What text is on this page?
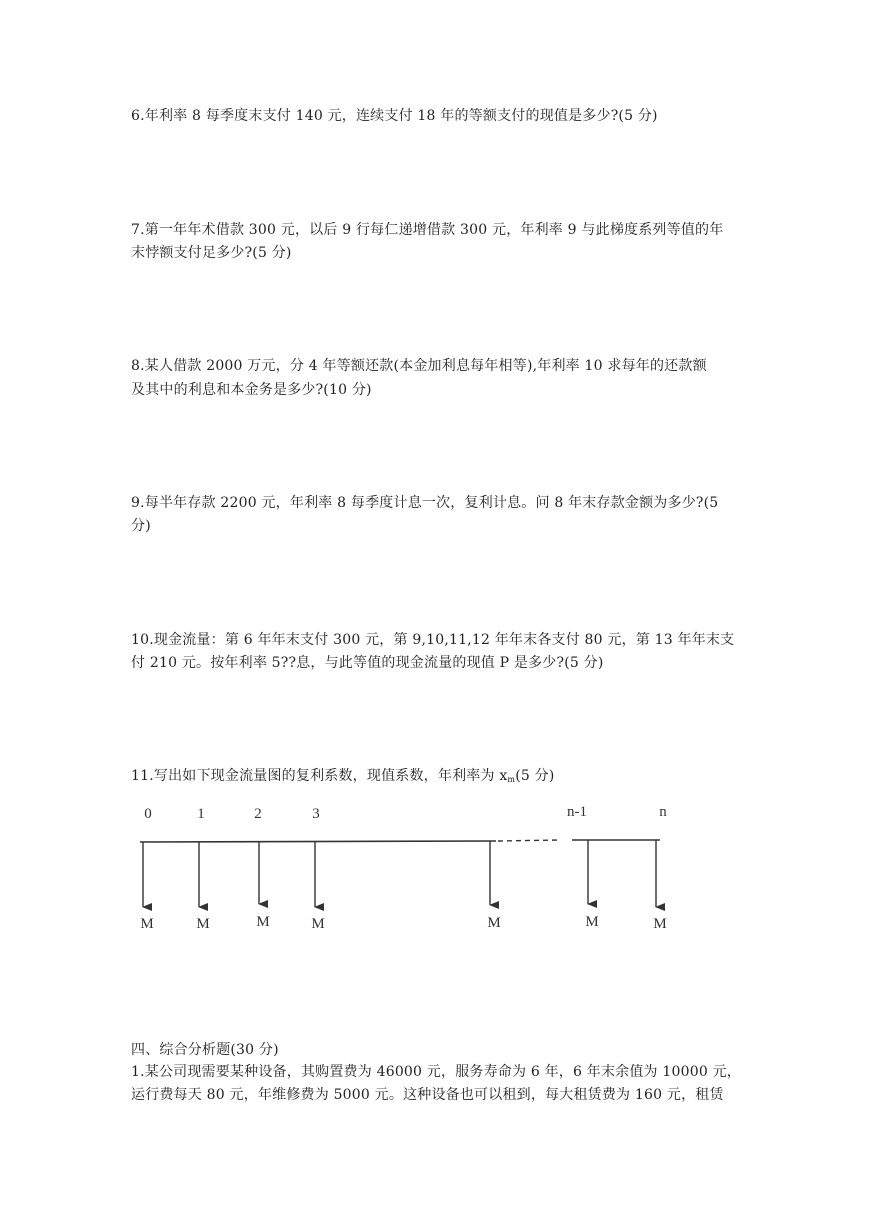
6.年利率 8 每季度末支付 140 元，连续支付 18 年的等额支付的现值是多少?(5 分)
7.第一年年术借款 300 元，以后 9 行每仁递增借款 300 元，年利率 9 与此梯度系列等值的年
末悖额支付足多少?(5 分)
8.某人借款 2000 万元，分 4 年等额还款(本金加利息每年相等),年利率 10 求每年的还款额
及其中的利息和本金务是多少?(10 分)
9.每半年存款 2200 元，年利率 8 每季度计息一次，复利计息。问 8 年末存款金额为多少?(5
分)
10.现金流量：第 6 年年末支付 300 元，第 9,10,11,12 年年末各支付 80 元，第 13 年年末支
付 210 元。按年利率 5??息，与此等值的现金流量的现值 P 是多少?(5 分)
11.写出如下现金流量图的复利系数，现值系数，年利率为 $x_m(5$ 分)
0	1	2	3	n-1	n
M	M	M	M	M	M	M
四、综合分析题(30 分)
1.某公司现需要某种设备，其购置费为 46000 元，服务寿命为 6 年，6 年末余值为 10000 元，
运行费每天 80 元，年维修费为 5000 元。这种设备也可以租到，每大租赁费为 160 元，租赁
